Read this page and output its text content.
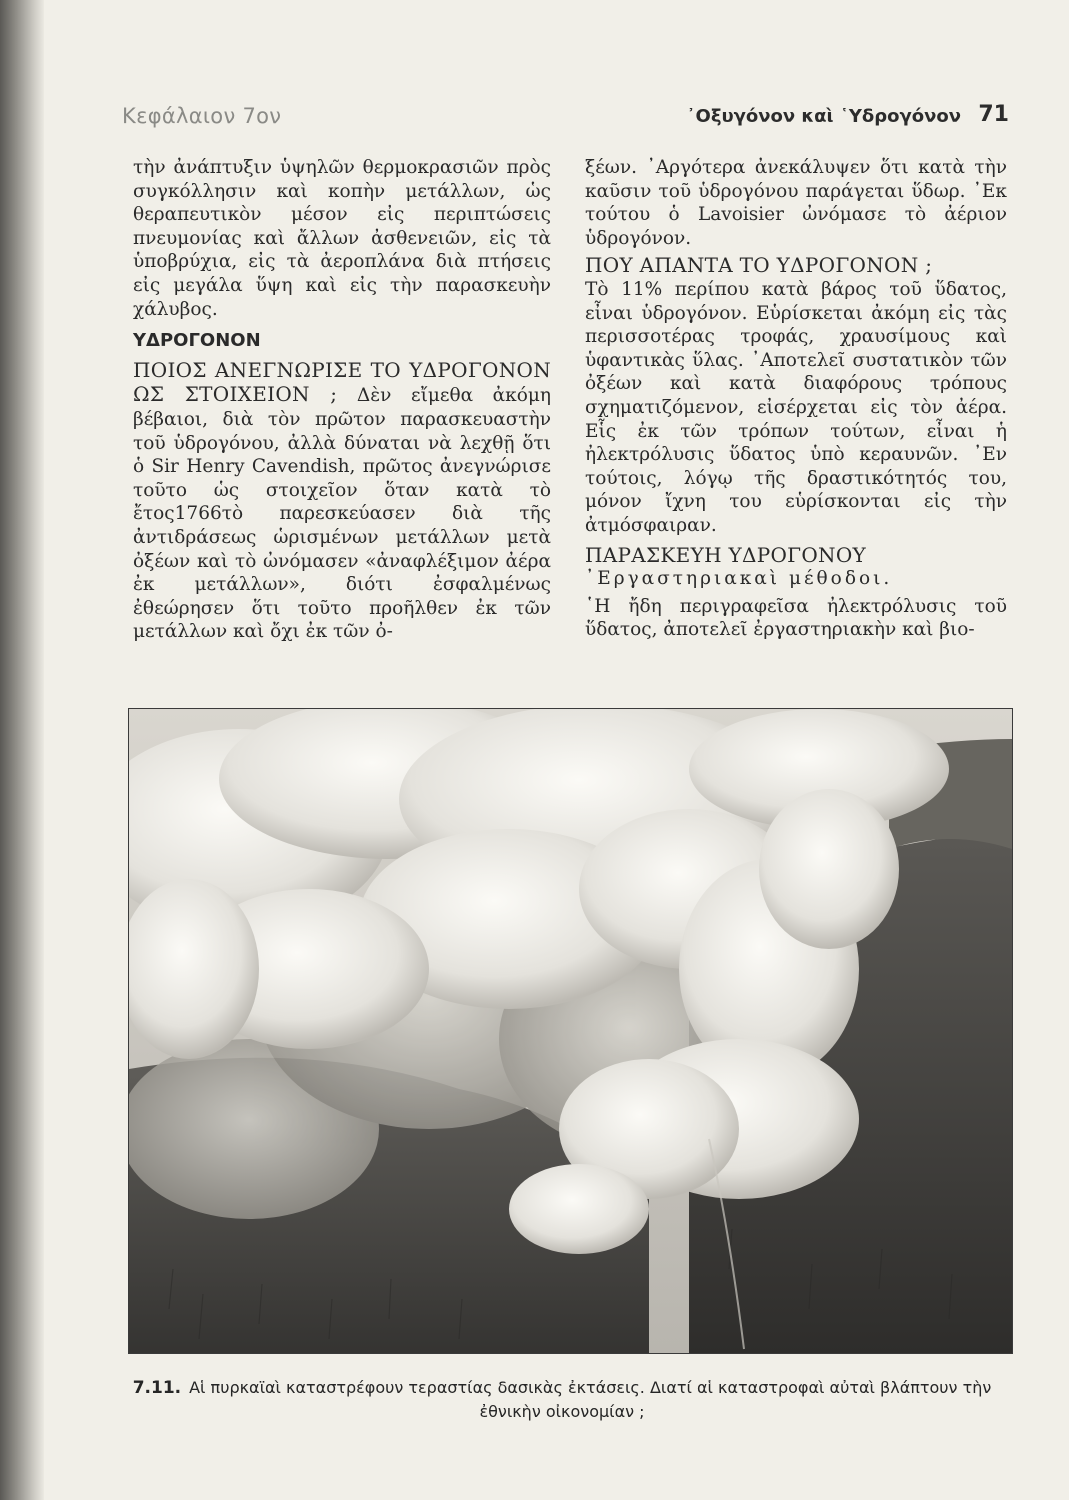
Κεφάλαιον 7ον	᾿Οξυγόνον καὶ ῾Υδρογόνον 71

τὴν ἀνάπτυξιν ὑψηλῶν θερμοκρασιῶν πρὸς συγκόλλησιν καὶ κοπὴν μετάλλων, ὡς θεραπευτικὸν μέσον εἰς περιπτώσεις πνευμονίας καὶ ἄλλων ἀσθενειῶν, εἰς τὰ ὑποβρύχια, εἰς τὰ ἀεροπλάνα διὰ πτήσεις εἰς μεγάλα ὕψη καὶ εἰς τὴν παρασκευὴν χάλυβος.

ΥΔΡΟΓΟΝΟΝ

ΠΟΙΟΣ ΑΝΕΓΝΩΡΙΣΕ ΤΟ ΥΔΡΟΓΟΝΟΝ ΩΣ ΣΤΟΙΧΕΙΟΝ ; Δὲν εἴμεθα ἀκόμη βέβαιοι, διὰ τὸν πρῶτον παρασκευαστὴν τοῦ ὑδρογόνου, ἀλλὰ δύναται νὰ λεχθῇ ὅτι ὁ Sir Henry Cavendish, πρῶτος ἀνεγνώρισε τοῦτο ὡς στοιχεῖον ὅταν κατὰ τὸ ἔτος1766τὸ παρεσκεύασεν διὰ τῆς ἀντιδράσεως ὡρισμένων μετάλλων μετὰ ὀξέων καὶ τὸ ὠνόμασεν «ἀναφλέξιμον ἀέρα ἐκ μετάλλων», διότι ἐσφαλμένως ἐθεώρησεν ὅτι τοῦτο προῆλθεν ἐκ τῶν μετάλλων καὶ ὄχι ἐκ τῶν ὀ-

ξέων. ᾿Αργότερα ἀνεκάλυψεν ὅτι κατὰ τὴν καῦσιν τοῦ ὑδρογόνου παράγεται ὕδωρ. ᾿Εκ τούτου ὁ Lavoisier ὠνόμασε τὸ ἀέριον ὑδρογόνον.

ΠΟΥ ΑΠΑΝΤΑ ΤΟ ΥΔΡΟΓΟΝΟΝ ;

Τὸ 11% περίπου κατὰ βάρος τοῦ ὕδατος, εἶναι ὑδρογόνον. Εὑρίσκεται ἀκόμη εἰς τὰς περισσοτέρας τροφάς, χραυσίμους καὶ ὑφαντικὰς ὕλας. ᾿Αποτελεῖ συστατικὸν τῶν ὀξέων καὶ κατὰ διαφόρους τρόπους σχηματιζόμενον, εἰσέρχεται εἰς τὸν ἀέρα. Εἷς ἐκ τῶν τρόπων τούτων, εἶναι ἡ ἠλεκτρόλυσις ὕδατος ὑπὸ κεραυνῶν. ᾿Εν τούτοις, λόγῳ τῆς δραστικότητός του, μόνον ἴχνη του εὑρίσκονται εἰς τὴν ἀτμόσφαιραν.

ΠΑΡΑΣΚΕΥΗ ΥΔΡΟΓΟΝΟΥ

᾿Εργαστηριακαὶ μέθοδοι.

῾Η ἤδη περιγραφεῖσα ἠλεκτρόλυσις τοῦ ὕδατος, ἀποτελεῖ ἐργαστηριακὴν καὶ βιο-

7.11. Αἱ πυρκαϊαὶ καταστρέφουν τεραστίας δασικὰς ἐκτάσεις. Διατί αἱ καταστροφαὶ αὐταὶ βλάπτουν τὴν ἐθνικὴν οἰκονομίαν ;
